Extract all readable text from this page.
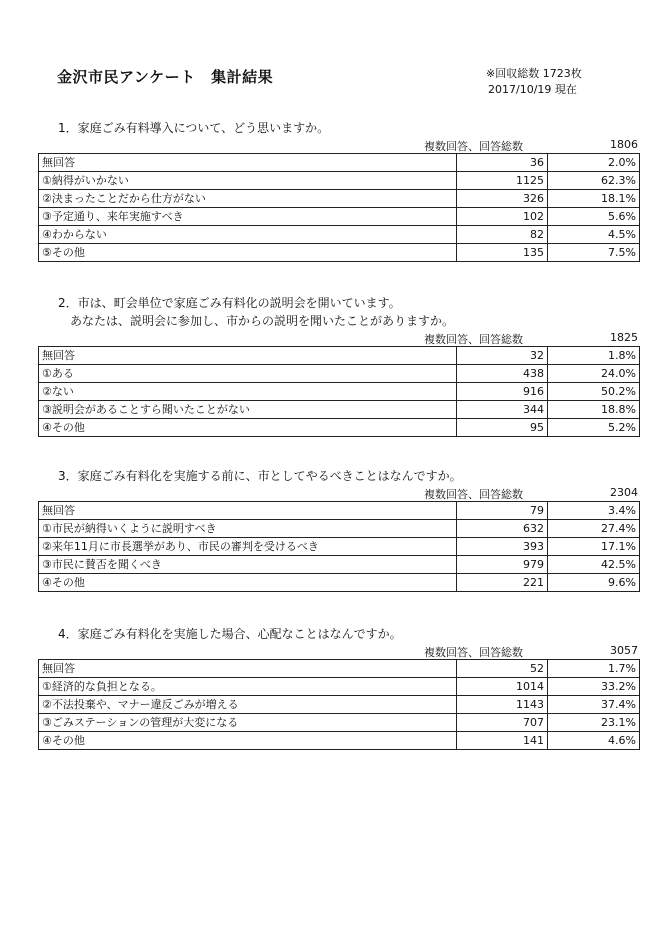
金沢市民アンケート　集計結果	※回収総数 1723枚
2017/10/19 現在
1．家庭ごみ有料導入について、どう思いますか。
複数回答、回答総数	1806
無回答	36	2.0%
①納得がいかない	1125	62.3%
②決まったことだから仕方がない	326	18.1%
③予定通り、来年実施すべき	102	5.6%
④わからない	82	4.5%
⑤その他	135	7.5%
2．市は、町会単位で家庭ごみ有料化の説明会を開いています。
　あなたは、説明会に参加し、市からの説明を聞いたことがありますか。
複数回答、回答総数	1825
無回答	32	1.8%
①ある	438	24.0%
②ない	916	50.2%
③説明会があることすら聞いたことがない	344	18.8%
④その他	95	5.2%
3．家庭ごみ有料化を実施する前に、市としてやるべきことはなんですか。
複数回答、回答総数	2304
無回答	79	3.4%
①市民が納得いくように説明すべき	632	27.4%
②来年11月に市長選挙があり、市民の審判を受けるべき	393	17.1%
③市民に賛否を聞くべき	979	42.5%
④その他	221	9.6%
4．家庭ごみ有料化を実施した場合、心配なことはなんですか。
複数回答、回答総数	3057
無回答	52	1.7%
①経済的な負担となる。	1014	33.2%
②不法投棄や、マナー違反ごみが増える	1143	37.4%
③ごみステーションの管理が大変になる	707	23.1%
④その他	141	4.6%
